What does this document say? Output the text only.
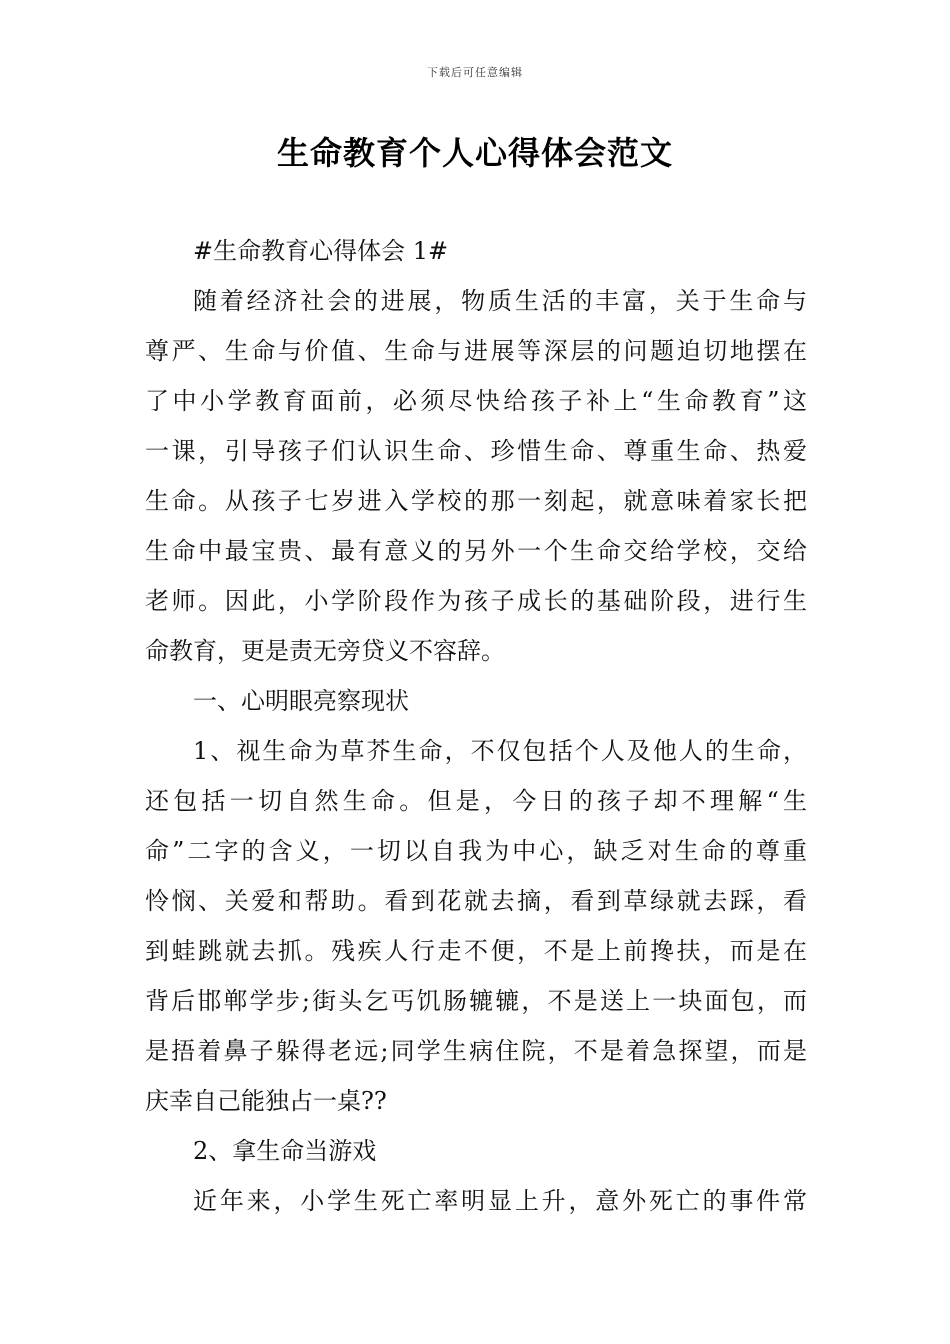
下载后可任意编辑
生命教育个人心得体会范文
#生命教育心得体会 1#
随着经济社会的进展，物质生活的丰富，关于生命与
尊严、生命与价值、生命与进展等深层的问题迫切地摆在
了中小学教育面前，必须尽快给孩子补上“生命教育”这
一课，引导孩子们认识生命、珍惜生命、尊重生命、热爱
生命。从孩子七岁进入学校的那一刻起，就意味着家长把
生命中最宝贵、最有意义的另外一个生命交给学校，交给
老师。因此，小学阶段作为孩子成长的基础阶段，进行生
命教育，更是责无旁贷义不容辞。
一、心明眼亮察现状
1、视生命为草芥生命，不仅包括个人及他人的生命，
还包括一切自然生命。但是，今日的孩子却不理解“生
命”二字的含义，一切以自我为中心，缺乏对生命的尊重
怜悯、关爱和帮助。看到花就去摘，看到草绿就去踩，看
到蛙跳就去抓。残疾人行走不便，不是上前搀扶，而是在
背后邯郸学步;街头乞丐饥肠辘辘，不是送上一块面包，而
是捂着鼻子躲得老远;同学生病住院，不是着急探望，而是
庆幸自己能独占一桌??
2、拿生命当游戏
近年来，小学生死亡率明显上升，意外死亡的事件常
